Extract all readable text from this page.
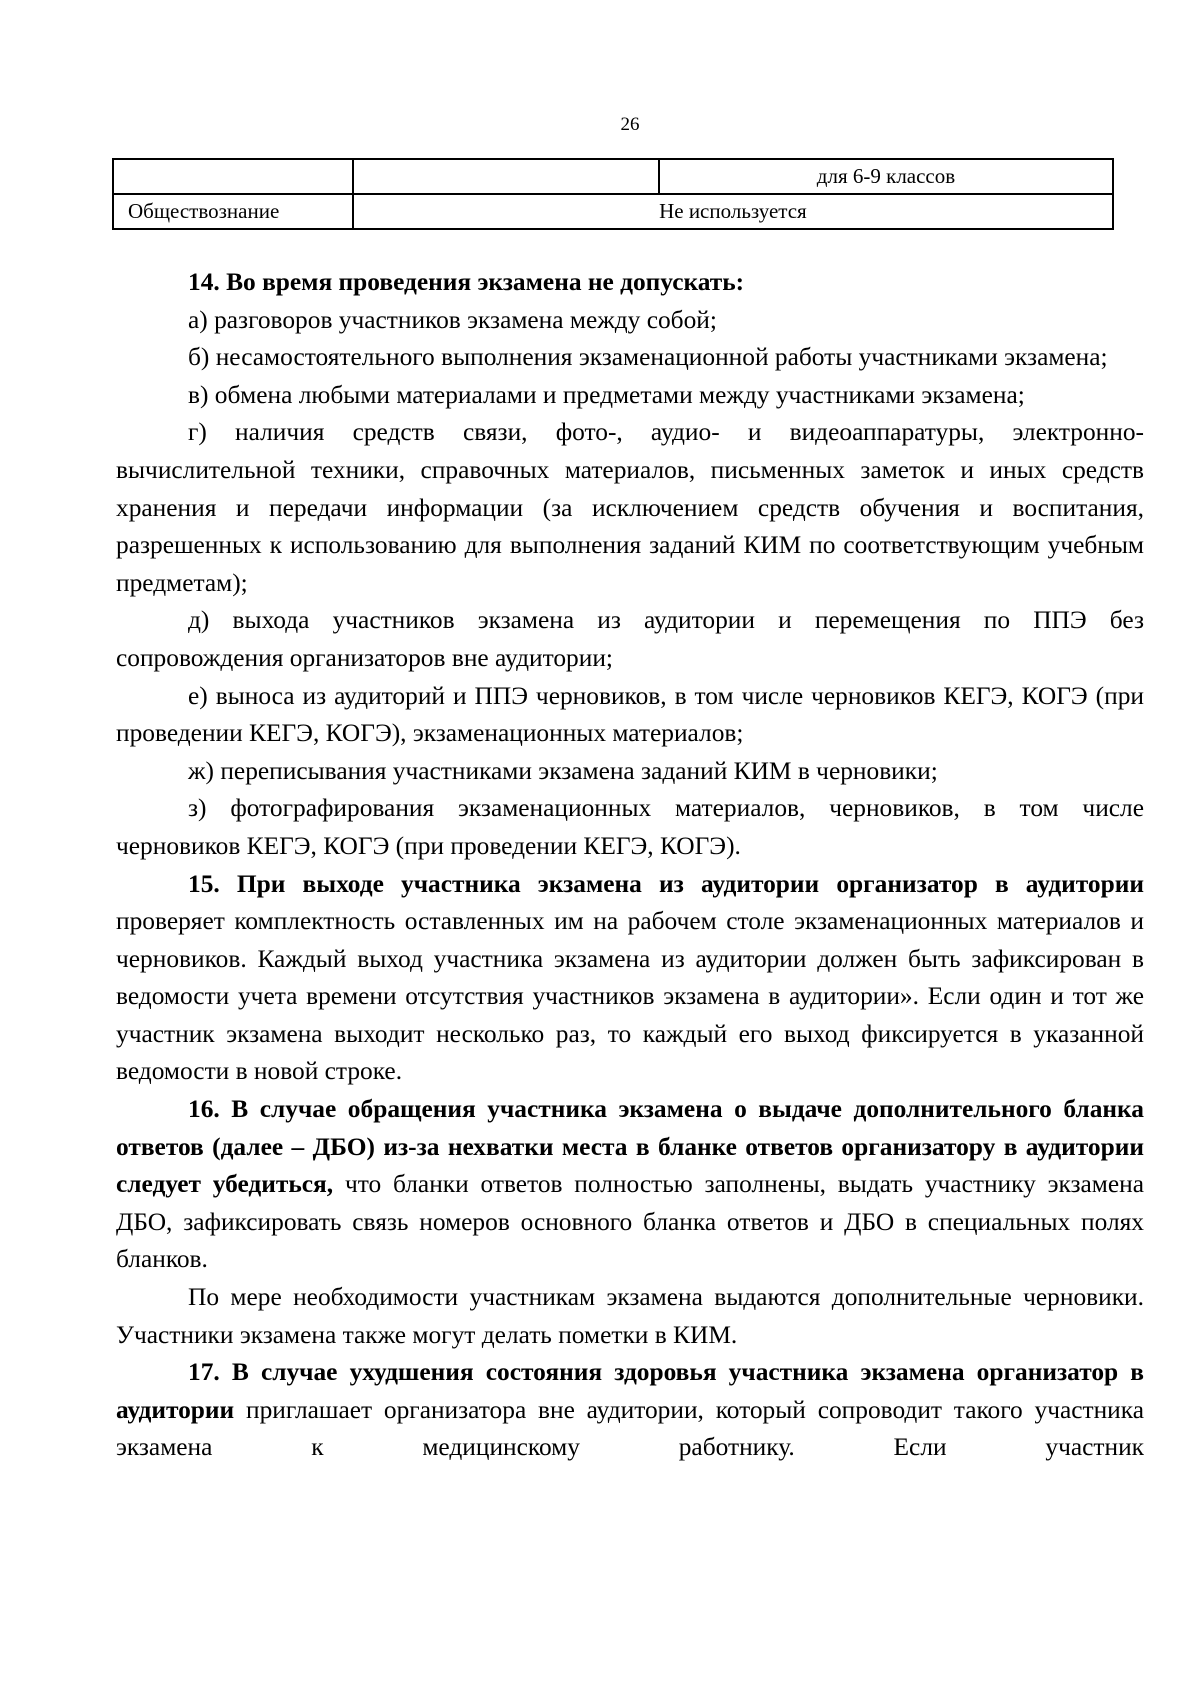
26
		для 6-9 классов
Обществознание	Не используется	

14. Во время проведения экзамена не допускать:

а) разговоров участников экзамена между собой;

б) несамостоятельного выполнения экзаменационной работы участниками экзамена;

в) обмена любыми материалами и предметами между участниками экзамена;

г) наличия средств связи, фото-, аудио- и видеоаппаратуры, электронно-вычислительной техники, справочных материалов, письменных заметок и иных средств хранения и передачи информации (за исключением средств обучения и воспитания, разрешенных к использованию для выполнения заданий КИМ по соответствующим учебным предметам);

д) выхода участников экзамена из аудитории и перемещения по ППЭ без сопровождения организаторов вне аудитории;

е) выноса из аудиторий и ППЭ черновиков, в том числе черновиков КЕГЭ, КОГЭ (при проведении КЕГЭ, КОГЭ), экзаменационных материалов;

ж) переписывания участниками экзамена заданий КИМ в черновики;

з) фотографирования экзаменационных материалов, черновиков, в том числе черновиков КЕГЭ, КОГЭ (при проведении КЕГЭ, КОГЭ).

15. При выходе участника экзамена из аудитории организатор в аудитории проверяет комплектность оставленных им на рабочем столе экзаменационных материалов и черновиков. Каждый выход участника экзамена из аудитории должен быть зафиксирован в ведомости учета времени отсутствия участников экзамена в аудитории». Если один и тот же участник экзамена выходит несколько раз, то каждый его выход фиксируется в указанной ведомости в новой строке.

16. В случае обращения участника экзамена о выдаче дополнительного бланка ответов (далее – ДБО) из-за нехватки места в бланке ответов организатору в аудитории следует убедиться, что бланки ответов полностью заполнены, выдать участнику экзамена ДБО, зафиксировать связь номеров основного бланка ответов и ДБО в специальных полях бланков.

По мере необходимости участникам экзамена выдаются дополнительные черновики. Участники экзамена также могут делать пометки в КИМ.

17. В случае ухудшения состояния здоровья участника экзамена организатор в аудитории приглашает организатора вне аудитории, который сопроводит такого участника экзамена к медицинскому работнику. Если участник
